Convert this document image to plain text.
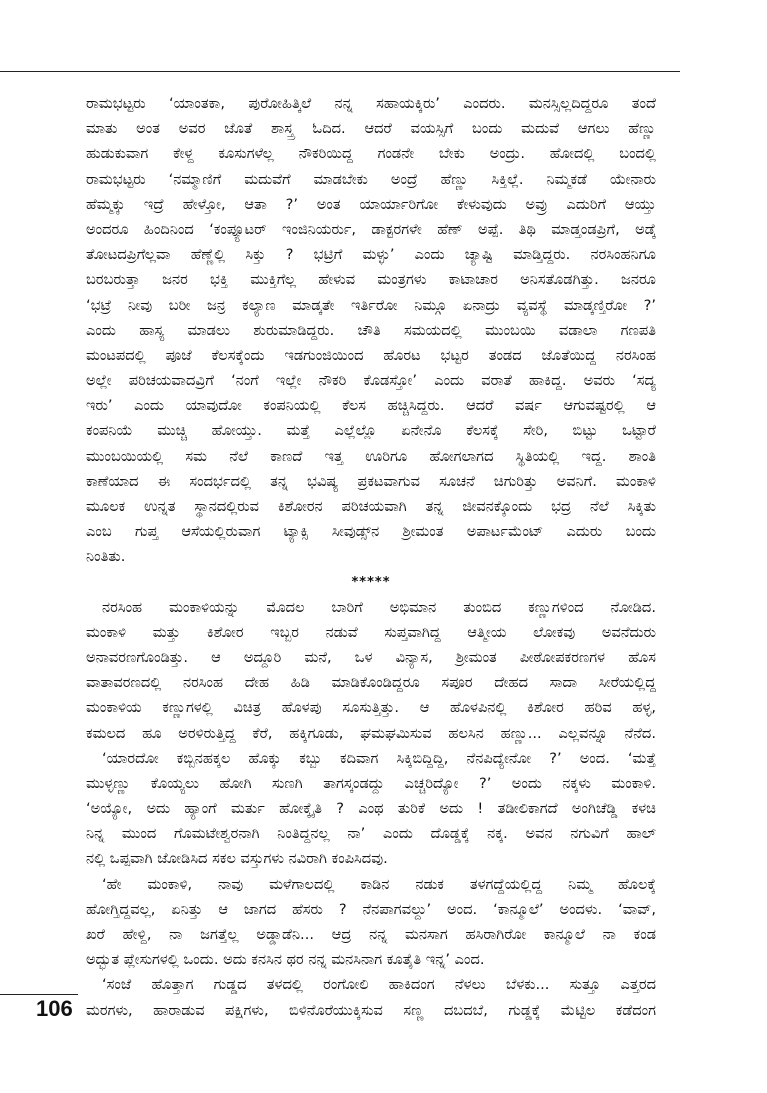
ರಾಮಭಟ್ಟರು ‘ಯಾಂತಕಾ, ಪುರೋಹಿತ್ಕಿಲೆ ನನ್ನ ಸಹಾಯಕ್ಕಿರು’ ಎಂದರು. ಮನಸ್ಸಿಲ್ಲದಿದ್ದರೂ ತಂದೆ
ಮಾತು ಅಂತ ಅವರ ಜೊತೆ ಶಾಸ್ತ್ರ ಓದಿದ. ಆದರೆ ವಯಸ್ಸಿಗೆ ಬಂದು ಮದುವೆ ಆಗಲು ಹೆಣ್ಣು
ಹುಡುಕುವಾಗ ಕೇಳ್ದ ಕೂಸುಗಳೆಲ್ಲ ನೌಕರಿಯಿದ್ದ ಗಂಡನೇ ಬೇಕು ಅಂದ್ರು. ಹೋದಲ್ಲಿ ಬಂದಲ್ಲಿ
ರಾಮಭಟ್ಟರು ‘ನಮ್ಮಾಣಿಗೆ ಮದುವೆಗೆ ಮಾಡಬೇಕು ಅಂದ್ರೆ ಹೆಣ್ಣು ಸಿಕ್ತಿಲ್ಲೆ. ನಿಮ್ಮಕಡೆ ಯೇನಾರು
ಹೆಮ್ಮಕ್ಕು ಇದ್ರೆ ಹೇಳ್ತೋ, ಆತಾ ?’ ಅಂತ ಯಾರ್ಯಾರಿಗೋ ಕೇಳುವುದು ಅವ್ರು ಎದುರಿಗೆ ಆಯ್ತು
ಅಂದರೂ ಹಿಂದಿನಿಂದ ‘ಕಂಪ್ಯೂಟರ್ ಇಂಜಿನಿಯರ್ರು, ಡಾಕ್ಟರಗಳೇ ಹೆಣ್ ಅಪ್ಪೆ. ತಿಥಿ ಮಾಡ್ತಂಡಪ್ರಿಗೆ, ಅಡ್ಕೆ
ತೋಟದಪ್ರಿಗೆಲ್ಲವಾ ಹೆಣ್ಣೆಲ್ಲಿ ಸಿಕ್ತು ? ಭಟ್ರಿಗೆ ಮಳ್ಳು’ ಎಂದು ಚ್ಯಾಷ್ಟಿ ಮಾಡ್ತಿದ್ದರು. ನರಸಿಂಹನಿಗೂ
ಬರಬರುತ್ತಾ ಜನರ ಭಕ್ತಿ ಮುಕ್ತಿಗೆಲ್ಲ ಹೇಳುವ ಮಂತ್ರಗಳು ಕಾಟಾಚಾರ ಅನಿಸತೊಡಗಿತ್ತು. ಜನರೂ
‘ಭಟ್ರೆ ನೀವು ಬರೀ ಜನ್ರ ಕಲ್ಯಾಣ ಮಾಡ್ಕತೇ ಇರ್ತಿರೋ ನಿಮ್ಗೂ ಏನಾದ್ರು ವ್ಯವಸ್ಥೆ ಮಾಡ್ಕಣ್ತಿರೋ ?’
ಎಂದು ಹಾಸ್ಯ ಮಾಡಲು ಶುರುಮಾಡಿದ್ದರು. ಚೌತಿ ಸಮಯದಲ್ಲಿ ಮುಂಬಯಿ ವಡಾಲಾ ಗಣಪತಿ
ಮಂಟಪದಲ್ಲಿ ಪೂಜೆ ಕೆಲಸಕ್ಕೆಂದು ಇಡಗುಂಜಿಯಿಂದ ಹೊರಟ ಭಟ್ಟರ ತಂಡದ ಜೊತೆಯಿದ್ದ ನರಸಿಂಹ
ಅಲ್ಲೇ ಪರಿಚಯವಾದವ್ರಿಗೆ ‘ನಂಗೆ ಇಲ್ಲೇ ನೌಕರಿ ಕೊಡಸ್ತೋ’ ಎಂದು ವರಾತೆ ಹಾಕಿದ್ದ. ಅವರು ‘ಸದ್ಯ
ಇರು’ ಎಂದು ಯಾವುದೋ ಕಂಪನಿಯಲ್ಲಿ ಕೆಲಸ ಹಚ್ಚಿಸಿದ್ದರು. ಆದರೆ ವರ್ಷ ಆಗುವಷ್ಟರಲ್ಲಿ ಆ
ಕಂಪನಿಯೆ ಮುಚ್ಚಿ ಹೋಯ್ತು. ಮತ್ತೆ ಎಲ್ಲೆಲ್ಲೊ ಏನೇನೊ ಕೆಲಸಕ್ಕೆ ಸೇರಿ, ಬಿಟ್ಟು ಒಟ್ಟಾರೆ
ಮುಂಬಯಿಯಲ್ಲಿ ಸಮ ನೆಲೆ ಕಾಣದೆ ಇತ್ತ ಊರಿಗೂ ಹೋಗಲಾಗದ ಸ್ಥಿತಿಯಲ್ಲಿ ಇದ್ದ. ಶಾಂತಿ
ಕಾಣೆಯಾದ ಈ ಸಂದರ್ಭದಲ್ಲಿ ತನ್ನ ಭವಿಷ್ಯ ಪ್ರಕಟವಾಗುವ ಸೂಚನೆ ಚಿಗುರಿತ್ತು ಅವನಿಗೆ. ಮಂಕಾಳಿ
ಮೂಲಕ ಉನ್ನತ ಸ್ಥಾನದಲ್ಲಿರುವ ಕಿಶೋರನ ಪರಿಚಯವಾಗಿ ತನ್ನ ಜೀವನಕ್ಕೊಂದು ಭದ್ರ ನೆಲೆ ಸಿಕ್ಕಿತು
ಎಂಬ ಗುಪ್ತ ಆಸೆಯಲ್ಲಿರುವಾಗ ಟ್ಯಾಕ್ಸಿ ಸೀವುಡ್ಸ್‌ನ ಶ್ರೀಮಂತ ಅಪಾರ್ಟಮೆಂಟ್ ಎದುರು ಬಂದು
ನಿಂತಿತು.
*****
ನರಸಿಂಹ ಮಂಕಾಳಿಯನ್ನು ಮೊದಲ ಬಾರಿಗೆ ಅಭಿಮಾನ ತುಂಬಿದ ಕಣ್ಣುಗಳಿಂದ ನೋಡಿದ.
ಮಂಕಾಳಿ ಮತ್ತು ಕಿಶೋರ ಇಬ್ಬರ ನಡುವೆ ಸುಪ್ತವಾಗಿದ್ದ ಆತ್ಮೀಯ ಲೋಕವು ಅವನೆದುರು
ಅನಾವರಣಗೊಂಡಿತ್ತು. ಆ ಅದ್ದೂರಿ ಮನೆ, ಒಳ ವಿನ್ಯಾಸ, ಶ್ರೀಮಂತ ಪೀಠೋಪಕರಣಗಳ ಹೊಸ
ವಾತಾವರಣದಲ್ಲಿ ನರಸಿಂಹ ದೇಹ ಹಿಡಿ ಮಾಡಿಕೊಂಡಿದ್ದರೂ ಸಪೂರ ದೇಹದ ಸಾದಾ ಸೀರೆಯಲ್ಲಿದ್ದ
ಮಂಕಾಳಿಯ ಕಣ್ಣುಗಳಲ್ಲಿ ವಿಚಿತ್ರ ಹೊಳಪು ಸೂಸುತ್ತಿತ್ತು. ಆ ಹೊಳಪಿನಲ್ಲಿ ಕಿಶೋರ ಹರಿವ ಹಳ್ಳ,
ಕಮಲದ ಹೂ ಅರಳಿರುತ್ತಿದ್ದ ಕೆರೆ, ಹಕ್ಕಿಗೂಡು, ಘಮಘಮಿಸುವ ಹಲಸಿನ ಹಣ್ಣು... ಎಲ್ಲವನ್ನೂ ನೆನೆದ.
‘ಯಾರದೋ ಕಬ್ಬಿನಹಕ್ಕಲ ಹೊಕ್ಕು ಕಬ್ಬು ಕದಿವಾಗ ಸಿಕ್ಕಿಬಿದ್ದಿದ್ದಿ, ನೆನಪಿದ್ಯೇನೋ ?’ ಅಂದ. ‘ಮತ್ತೆ
ಮುಳ್ಳಣ್ಣು ಕೊಯ್ಯಲು ಹೋಗಿ ಸುಣಗಿ ತಾಗಸ್ಕಂಡದ್ದು ಎಚ್ಚರಿದ್ಯೋ ?’ ಅಂದು ನಕ್ಕಳು ಮಂಕಾಳಿ.
‘ಅಯ್ಯೋ, ಅದು ಹ್ಯಾಂಗೆ ಮರ್ತು ಹೋಕ್ಕೈತಿ ? ಎಂಥ ತುರಿಕೆ ಅದು ! ತಡೀಲಿಕಾಗದೆ ಅಂಗಿಚೆಡ್ಡಿ ಕಳಚಿ
ನಿನ್ನ ಮುಂದ ಗೊಮಟೇಶ್ವರನಾಗಿ ನಿಂತಿದ್ದನಲ್ಲ ನಾ’ ಎಂದು ದೊಡ್ಡಕ್ಕೆ ನಕ್ಕ. ಅವನ ನಗುವಿಗೆ ಹಾಲ್
ನಲ್ಲಿ ಒಪ್ಪವಾಗಿ ಜೋಡಿಸಿದ ಸಕಲ ವಸ್ತುಗಳು ನವಿರಾಗಿ ಕಂಪಿಸಿದವು.
‘ಹೇ ಮಂಕಾಳಿ, ನಾವು ಮಳೆಗಾಲದಲ್ಲಿ ಕಾಡಿನ ನಡುಕ ತಳಗದ್ದೆಯಲ್ಲಿದ್ದ ನಿಮ್ಮ ಹೊಲಕ್ಕೆ
ಹೋಗ್ತಿದ್ದವಲ್ಲ, ಏನಿತ್ತು ಆ ಜಾಗದ ಹೆಸರು ? ನೆನಪಾಗವಲ್ದು’ ಅಂದ. ‘ಕಾನ್ಮೂಲೆ’ ಅಂದಳು. ‘ವಾವ್,
ಖರೆ ಹೇಳ್ದಿ, ನಾ ಜಗತ್ತೆಲ್ಲ ಅಡ್ಡಾಡೆನಿ... ಆದ್ರ ನನ್ನ ಮನಸಾಗ ಹಸಿರಾಗಿರೋ ಕಾನ್ಮೂಲೆ ನಾ ಕಂಡ
ಅದ್ಭುತ ಪ್ಲೇಸುಗಳಲ್ಲಿ ಒಂದು. ಅದು ಕನಸಿನ ಥರ ನನ್ನ ಮನಸಿನಾಗ ಕೂತೈತಿ ಇನ್ನ’ ಎಂದ.
‘ಸಂಜೆ ಹೊತ್ತಾಗ ಗುಡ್ಡದ ತಳದಲ್ಲಿ ರಂಗೋಲಿ ಹಾಕಿದಂಗ ನೆಳಲು ಬೆಳಕು... ಸುತ್ತೂ ಎತ್ತರದ
ಮರಗಳು, ಹಾರಾಡುವ ಪಕ್ಷಿಗಳು, ಬಿಳಿನೊರೆಯುಕ್ಕಿಸುವ ಸಣ್ಣ ದಬದಬೆ, ಗುಡ್ಡಕ್ಕೆ ಮೆಟ್ಟಿಲ ಕಡೆದಂಗ
106
